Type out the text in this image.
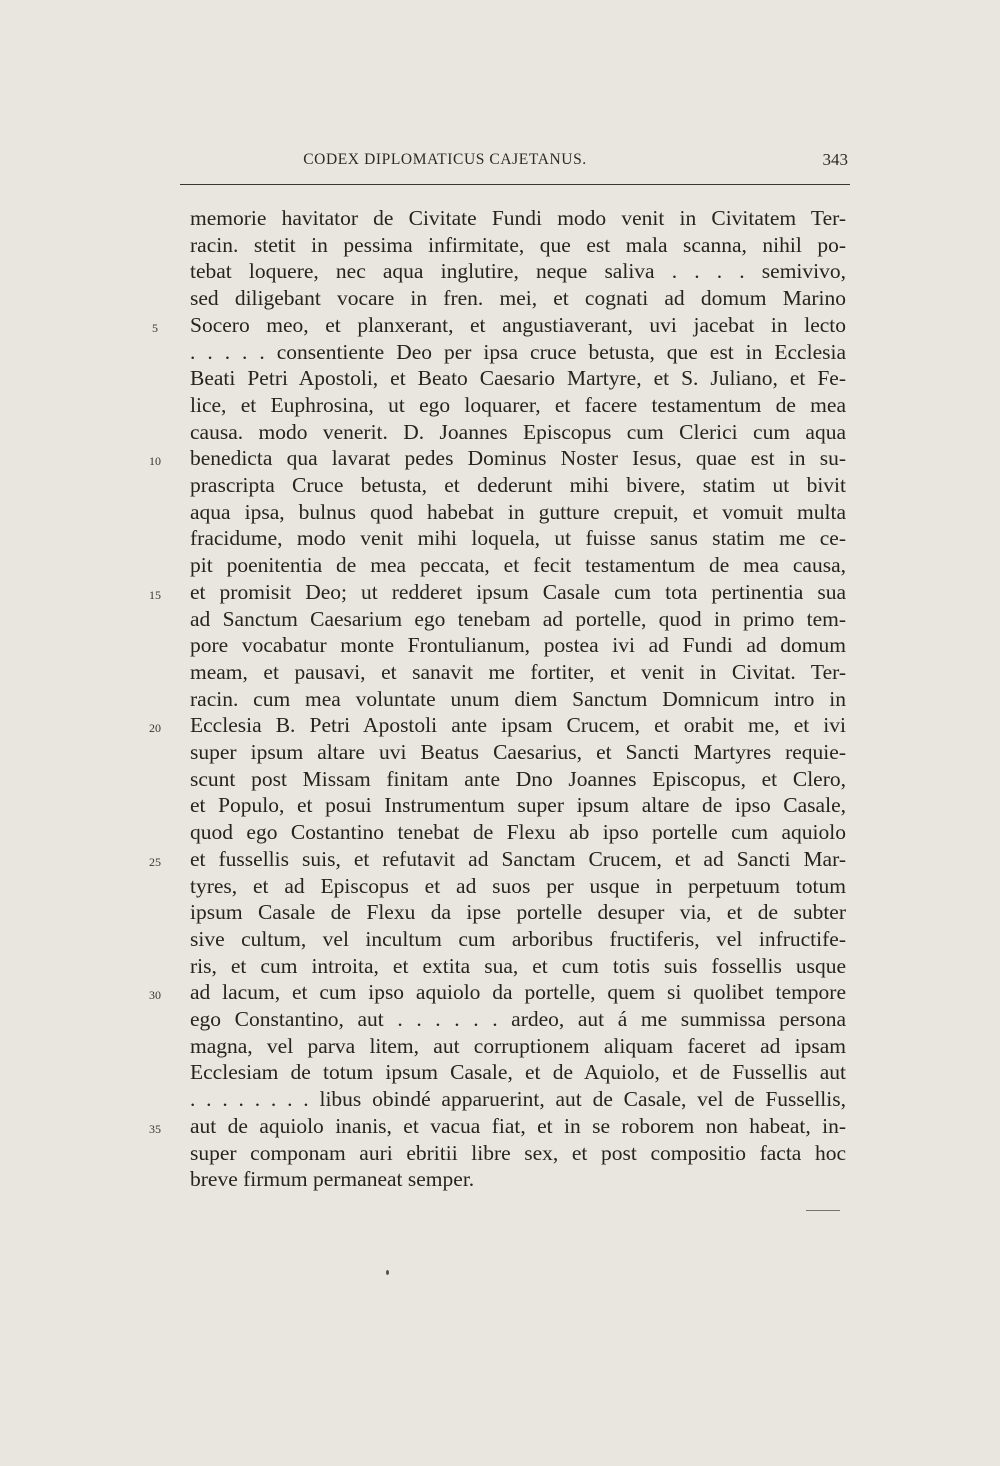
CODEX DIPLOMATICUS CAJETANUS.	343
memorie havitator de Civitate Fundi modo venit in Civitatem Ter-
racin. stetit in pessima infirmitate, que est mala scanna, nihil po-
tebat loquere, nec aqua inglutire, neque saliva . . . . semivivo,
sed diligebant vocare in fren. mei, et cognati ad domum Marino
Socero meo, et planxerant, et angustiaverant, uvi jacebat in lecto
. . . . . consentiente Deo per ipsa cruce betusta, que est in Ecclesia
Beati Petri Apostoli, et Beato Caesario Martyre, et S. Juliano, et Fe-
lice, et Euphrosina, ut ego loquarer, et facere testamentum de mea
causa. modo venerit. D. Joannes Episcopus cum Clerici cum aqua
benedicta qua lavarat pedes Dominus Noster Iesus, quae est in su-
prascripta Cruce betusta, et dederunt mihi bivere, statim ut bivit
aqua ipsa, bulnus quod habebat in gutture crepuit, et vomuit multa
fracidume, modo venit mihi loquela, ut fuisse sanus statim me ce-
pit poenitentia de mea peccata, et fecit testamentum de mea causa,
et promisit Deo; ut redderet ipsum Casale cum tota pertinentia sua
ad Sanctum Caesarium ego tenebam ad portelle, quod in primo tem-
pore vocabatur monte Frontulianum, postea ivi ad Fundi ad domum
meam, et pausavi, et sanavit me fortiter, et venit in Civitat. Ter-
racin. cum mea voluntate unum diem Sanctum Domnicum intro in
Ecclesia B. Petri Apostoli ante ipsam Crucem, et orabit me, et ivi
super ipsum altare uvi Beatus Caesarius, et Sancti Martyres requie-
scunt post Missam finitam ante Dno Joannes Episcopus, et Clero,
et Populo, et posui Instrumentum super ipsum altare de ipso Casale,
quod ego Costantino tenebat de Flexu ab ipso portelle cum aquiolo
et fussellis suis, et refutavit ad Sanctam Crucem, et ad Sancti Mar-
tyres, et ad Episcopus et ad suos per usque in perpetuum totum
ipsum Casale de Flexu da ipse portelle desuper via, et de subter
sive cultum, vel incultum cum arboribus fructiferis, vel infructife-
ris, et cum introita, et extita sua, et cum totis suis fossellis usque
ad lacum, et cum ipso aquiolo da portelle, quem si quolibet tempore
ego Constantino, aut . . . . . . ardeo, aut á me summissa persona
magna, vel parva litem, aut corruptionem aliquam faceret ad ipsam
Ecclesiam de totum ipsum Casale, et de Aquiolo, et de Fussellis aut
. . . . . . . . libus obindé apparuerint, aut de Casale, vel de Fussellis,
aut de aquiolo inanis, et vacua fiat, et in se roborem non habeat, in-
super componam auri ebritii libre sex, et post compositio facta hoc
breve firmum permaneat semper.
5
10
15
20
25
30
35
